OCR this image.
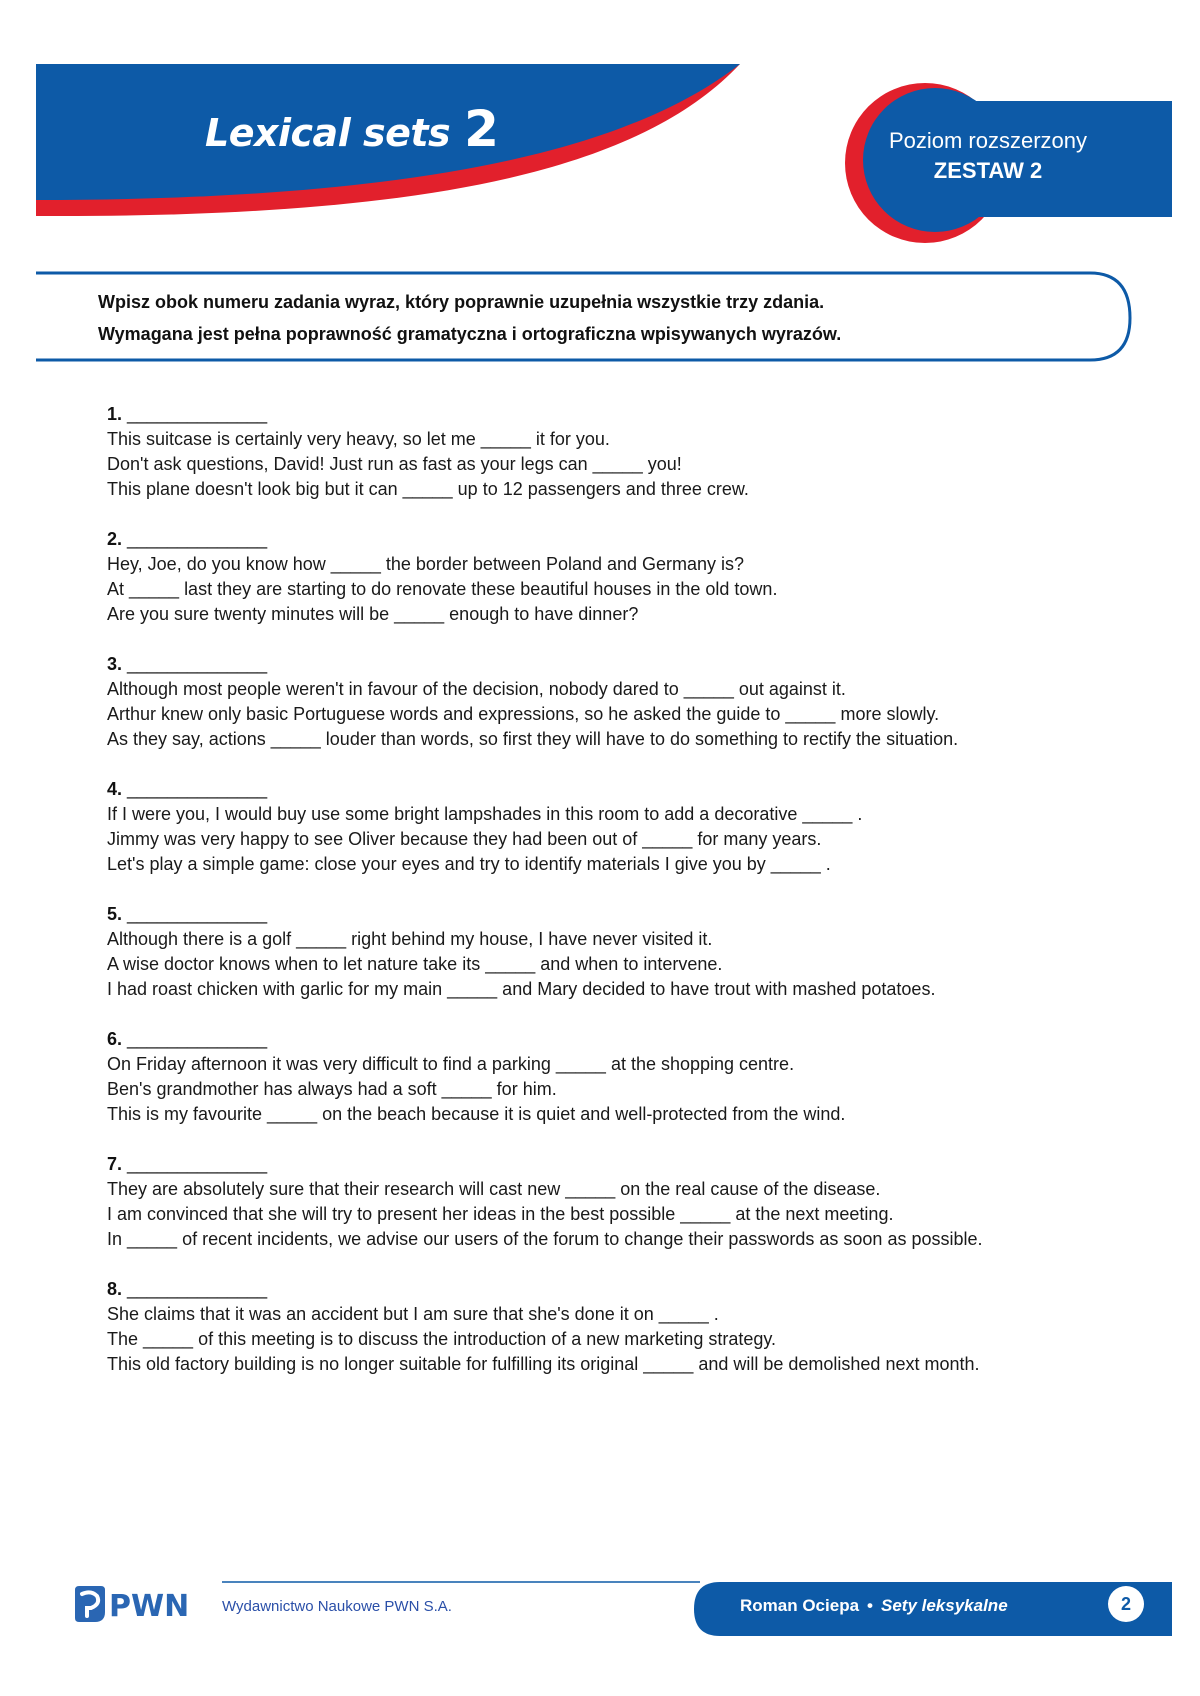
Lexical sets 2	Poziom rozszerzony
ZESTAW 2
Wpisz obok numeru zadania wyraz, który poprawnie uzupełnia wszystkie trzy zdania.
Wymagana jest pełna poprawność gramatyczna i ortograficzna wpisywanych wyrazów.
1. ______________
This suitcase is certainly very heavy, so let me _____ it for you.
Don't ask questions, David! Just run as fast as your legs can _____ you!
This plane doesn't look big but it can _____ up to 12 passengers and three crew.
2. ______________
Hey, Joe, do you know how _____ the border between Poland and Germany is?
At _____ last they are starting to do renovate these beautiful houses in the old town.
Are you sure twenty minutes will be _____ enough to have dinner?
3. ______________
Although most people weren't in favour of the decision, nobody dared to _____ out against it.
Arthur knew only basic Portuguese words and expressions, so he asked the guide to _____ more slowly.
As they say, actions _____ louder than words, so first they will have to do something to rectify the situation.
4. ______________
If I were you, I would buy use some bright lampshades in this room to add a decorative _____ .
Jimmy was very happy to see Oliver because they had been out of _____ for many years.
Let's play a simple game: close your eyes and try to identify materials I give you by _____ .
5. ______________
Although there is a golf _____ right behind my house, I have never visited it.
A wise doctor knows when to let nature take its _____ and when to intervene.
I had roast chicken with garlic for my main _____ and Mary decided to have trout with mashed potatoes.
6. ______________
On Friday afternoon it was very difficult to find a parking _____ at the shopping centre.
Ben's grandmother has always had a soft _____ for him.
This is my favourite _____ on the beach because it is quiet and well-protected from the wind.
7. ______________
They are absolutely sure that their research will cast new _____ on the real cause of the disease.
I am convinced that she will try to present her ideas in the best possible _____ at the next meeting.
In _____ of recent incidents, we advise our users of the forum to change their passwords as soon as possible.
8. ______________
She claims that it was an accident but I am sure that she's done it on _____ .
The _____ of this meeting is to discuss the introduction of a new marketing strategy.
This old factory building is no longer suitable for fulfilling its original _____ and will be demolished next month.
PWN Wydawnictwo Naukowe PWN S.A.	Roman Ociepa • Sety leksykalne	2
